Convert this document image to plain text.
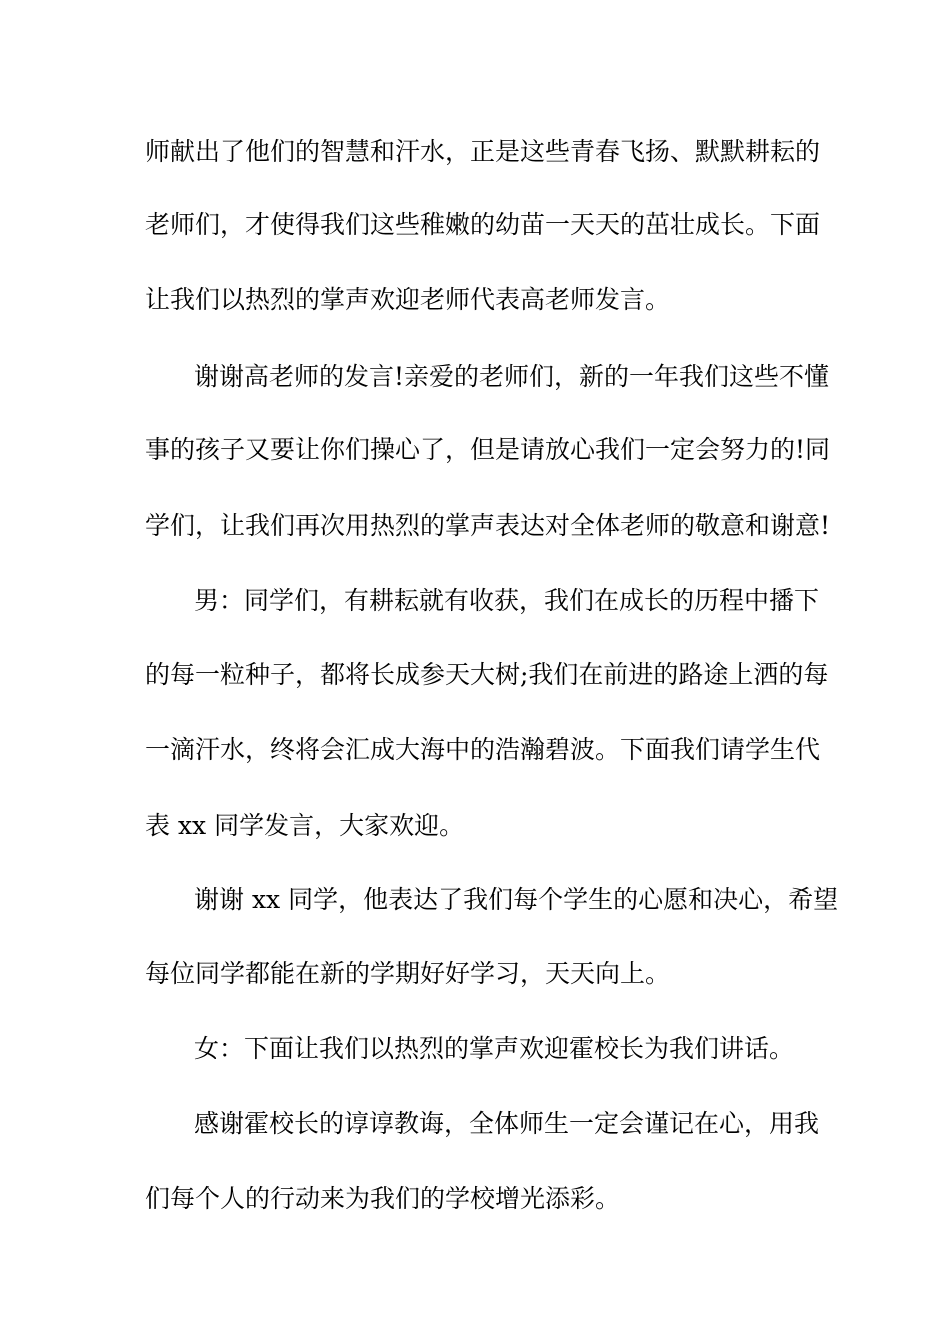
师献出了他们的智慧和汗水，正是这些青春飞扬、默默耕耘的
老师们，才使得我们这些稚嫩的幼苗一天天的茁壮成长。下面
让我们以热烈的掌声欢迎老师代表高老师发言。
谢谢高老师的发言!亲爱的老师们，新的一年我们这些不懂
事的孩子又要让你们操心了，但是请放心我们一定会努力的!同
学们，让我们再次用热烈的掌声表达对全体老师的敬意和谢意!
男：同学们，有耕耘就有收获，我们在成长的历程中播下
的每一粒种子，都将长成参天大树;我们在前进的路途上洒的每
一滴汗水，终将会汇成大海中的浩瀚碧波。下面我们请学生代
表 xx 同学发言，大家欢迎。
谢谢 xx 同学，他表达了我们每个学生的心愿和决心，希望
每位同学都能在新的学期好好学习，天天向上。
女：下面让我们以热烈的掌声欢迎霍校长为我们讲话。
感谢霍校长的谆谆教诲，全体师生一定会谨记在心，用我
们每个人的行动来为我们的学校增光添彩。
